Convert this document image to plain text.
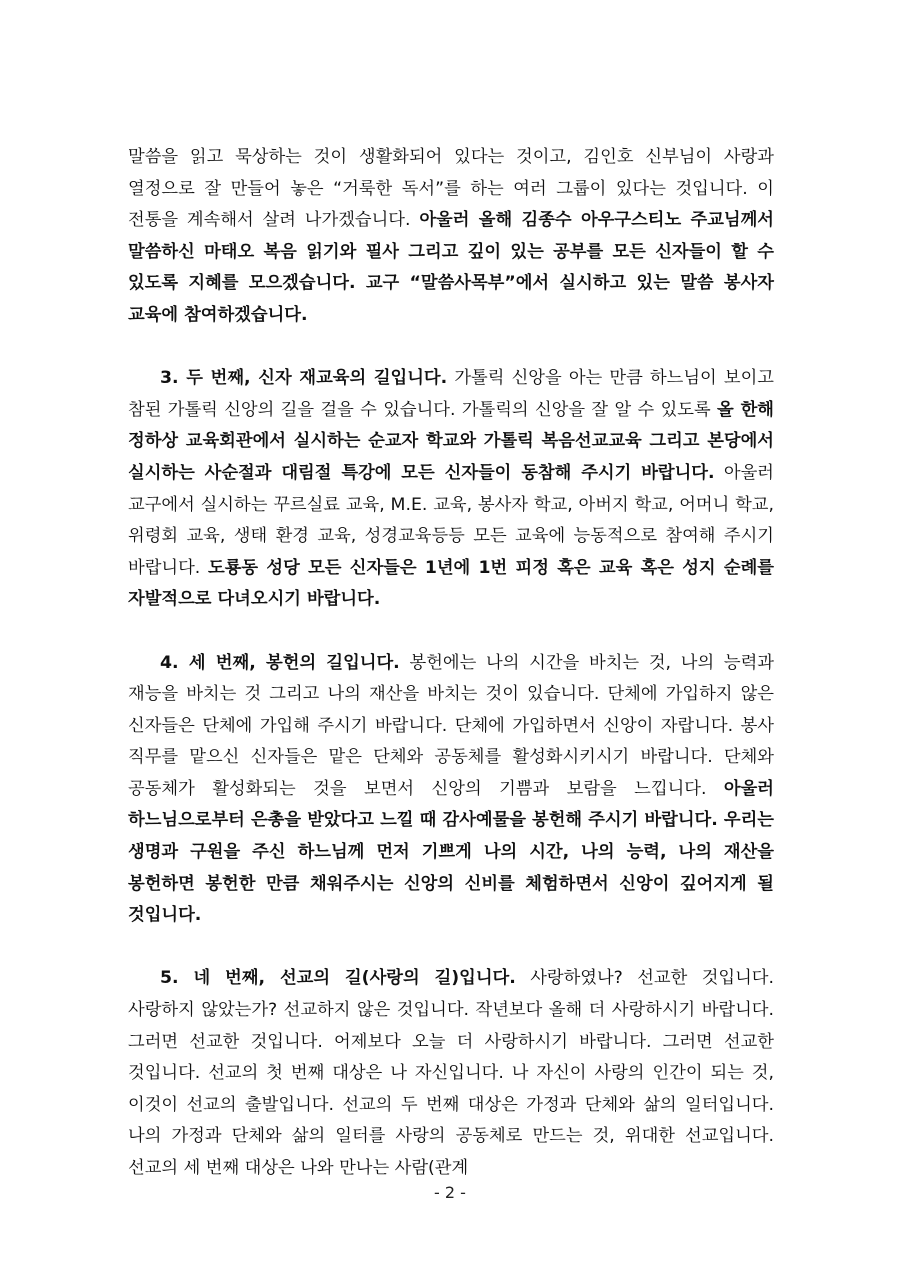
말씀을 읽고 묵상하는 것이 생활화되어 있다는 것이고, 김인호 신부님이 사랑과 열정으로 잘 만들어 놓은 “거룩한 독서”를 하는 여러 그룹이 있다는 것입니다. 이 전통을 계속해서 살려 나가겠습니다. 아울러 올해 김종수 아우구스티노 주교님께서 말씀하신 마태오 복음 읽기와 필사 그리고 깊이 있는 공부를 모든 신자들이 할 수 있도록 지혜를 모으겠습니다. 교구 “말씀사목부”에서 실시하고 있는 말씀 봉사자 교육에 참여하겠습니다.

3. 두 번째, 신자 재교육의 길입니다. 가톨릭 신앙을 아는 만큼 하느님이 보이고 참된 가톨릭 신앙의 길을 걸을 수 있습니다. 가톨릭의 신앙을 잘 알 수 있도록 올 한해 정하상 교육회관에서 실시하는 순교자 학교와 가톨릭 복음선교교육 그리고 본당에서 실시하는 사순절과 대림절 특강에 모든 신자들이 동참해 주시기 바랍니다. 아울러 교구에서 실시하는 꾸르실료 교육, M.E. 교육, 봉사자 학교, 아버지 학교, 어머니 학교, 위령회 교육, 생태 환경 교육, 성경교육등등 모든 교육에 능동적으로 참여해 주시기 바랍니다. 도룡동 성당 모든 신자들은 1년에 1번 피정 혹은 교육 혹은 성지 순례를 자발적으로 다녀오시기 바랍니다.

4. 세 번째, 봉헌의 길입니다. 봉헌에는 나의 시간을 바치는 것, 나의 능력과 재능을 바치는 것 그리고 나의 재산을 바치는 것이 있습니다. 단체에 가입하지 않은 신자들은 단체에 가입해 주시기 바랍니다. 단체에 가입하면서 신앙이 자랍니다. 봉사 직무를 맡으신 신자들은 맡은 단체와 공동체를 활성화시키시기 바랍니다. 단체와 공동체가 활성화되는 것을 보면서 신앙의 기쁨과 보람을 느낍니다. 아울러 하느님으로부터 은총을 받았다고 느낄 때 감사예물을 봉헌해 주시기 바랍니다. 우리는 생명과 구원을 주신 하느님께 먼저 기쁘게 나의 시간, 나의 능력, 나의 재산을 봉헌하면 봉헌한 만큼 채워주시는 신앙의 신비를 체험하면서 신앙이 깊어지게 될 것입니다.

5. 네 번째, 선교의 길(사랑의 길)입니다. 사랑하였나? 선교한 것입니다. 사랑하지 않았는가? 선교하지 않은 것입니다. 작년보다 올해 더 사랑하시기 바랍니다. 그러면 선교한 것입니다. 어제보다 오늘 더 사랑하시기 바랍니다. 그러면 선교한 것입니다. 선교의 첫 번째 대상은 나 자신입니다. 나 자신이 사랑의 인간이 되는 것, 이것이 선교의 출발입니다. 선교의 두 번째 대상은 가정과 단체와 삶의 일터입니다. 나의 가정과 단체와 삶의 일터를 사랑의 공동체로 만드는 것, 위대한 선교입니다. 선교의 세 번째 대상은 나와 만나는 사람(관계

- 2 -
